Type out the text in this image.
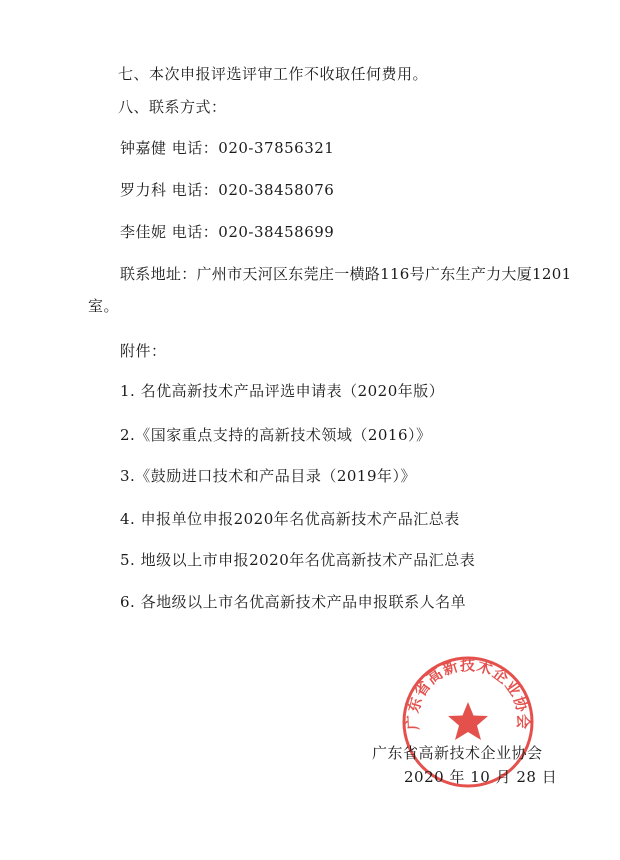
七、本次申报评选评审工作不收取任何费用。
八、联系方式：
钟嘉健 电话：020-37856321
罗力科 电话：020-38458076
李佳妮 电话：020-38458699
联系地址：广州市天河区东莞庄一横路116号广东生产力大厦1201
室。
附件：
1. 名优高新技术产品评选申请表（2020年版）
2.《国家重点支持的高新技术领域（2016）》
3.《鼓励进口技术和产品目录（2019年）》
4. 申报单位申报2020年名优高新技术产品汇总表
5. 地级以上市申报2020年名优高新技术产品汇总表
6. 各地级以上市名优高新技术产品申报联系人名单
广东省高新技术企业协会
广东省高新技术企业协会
2020 年 10 月 28 日
